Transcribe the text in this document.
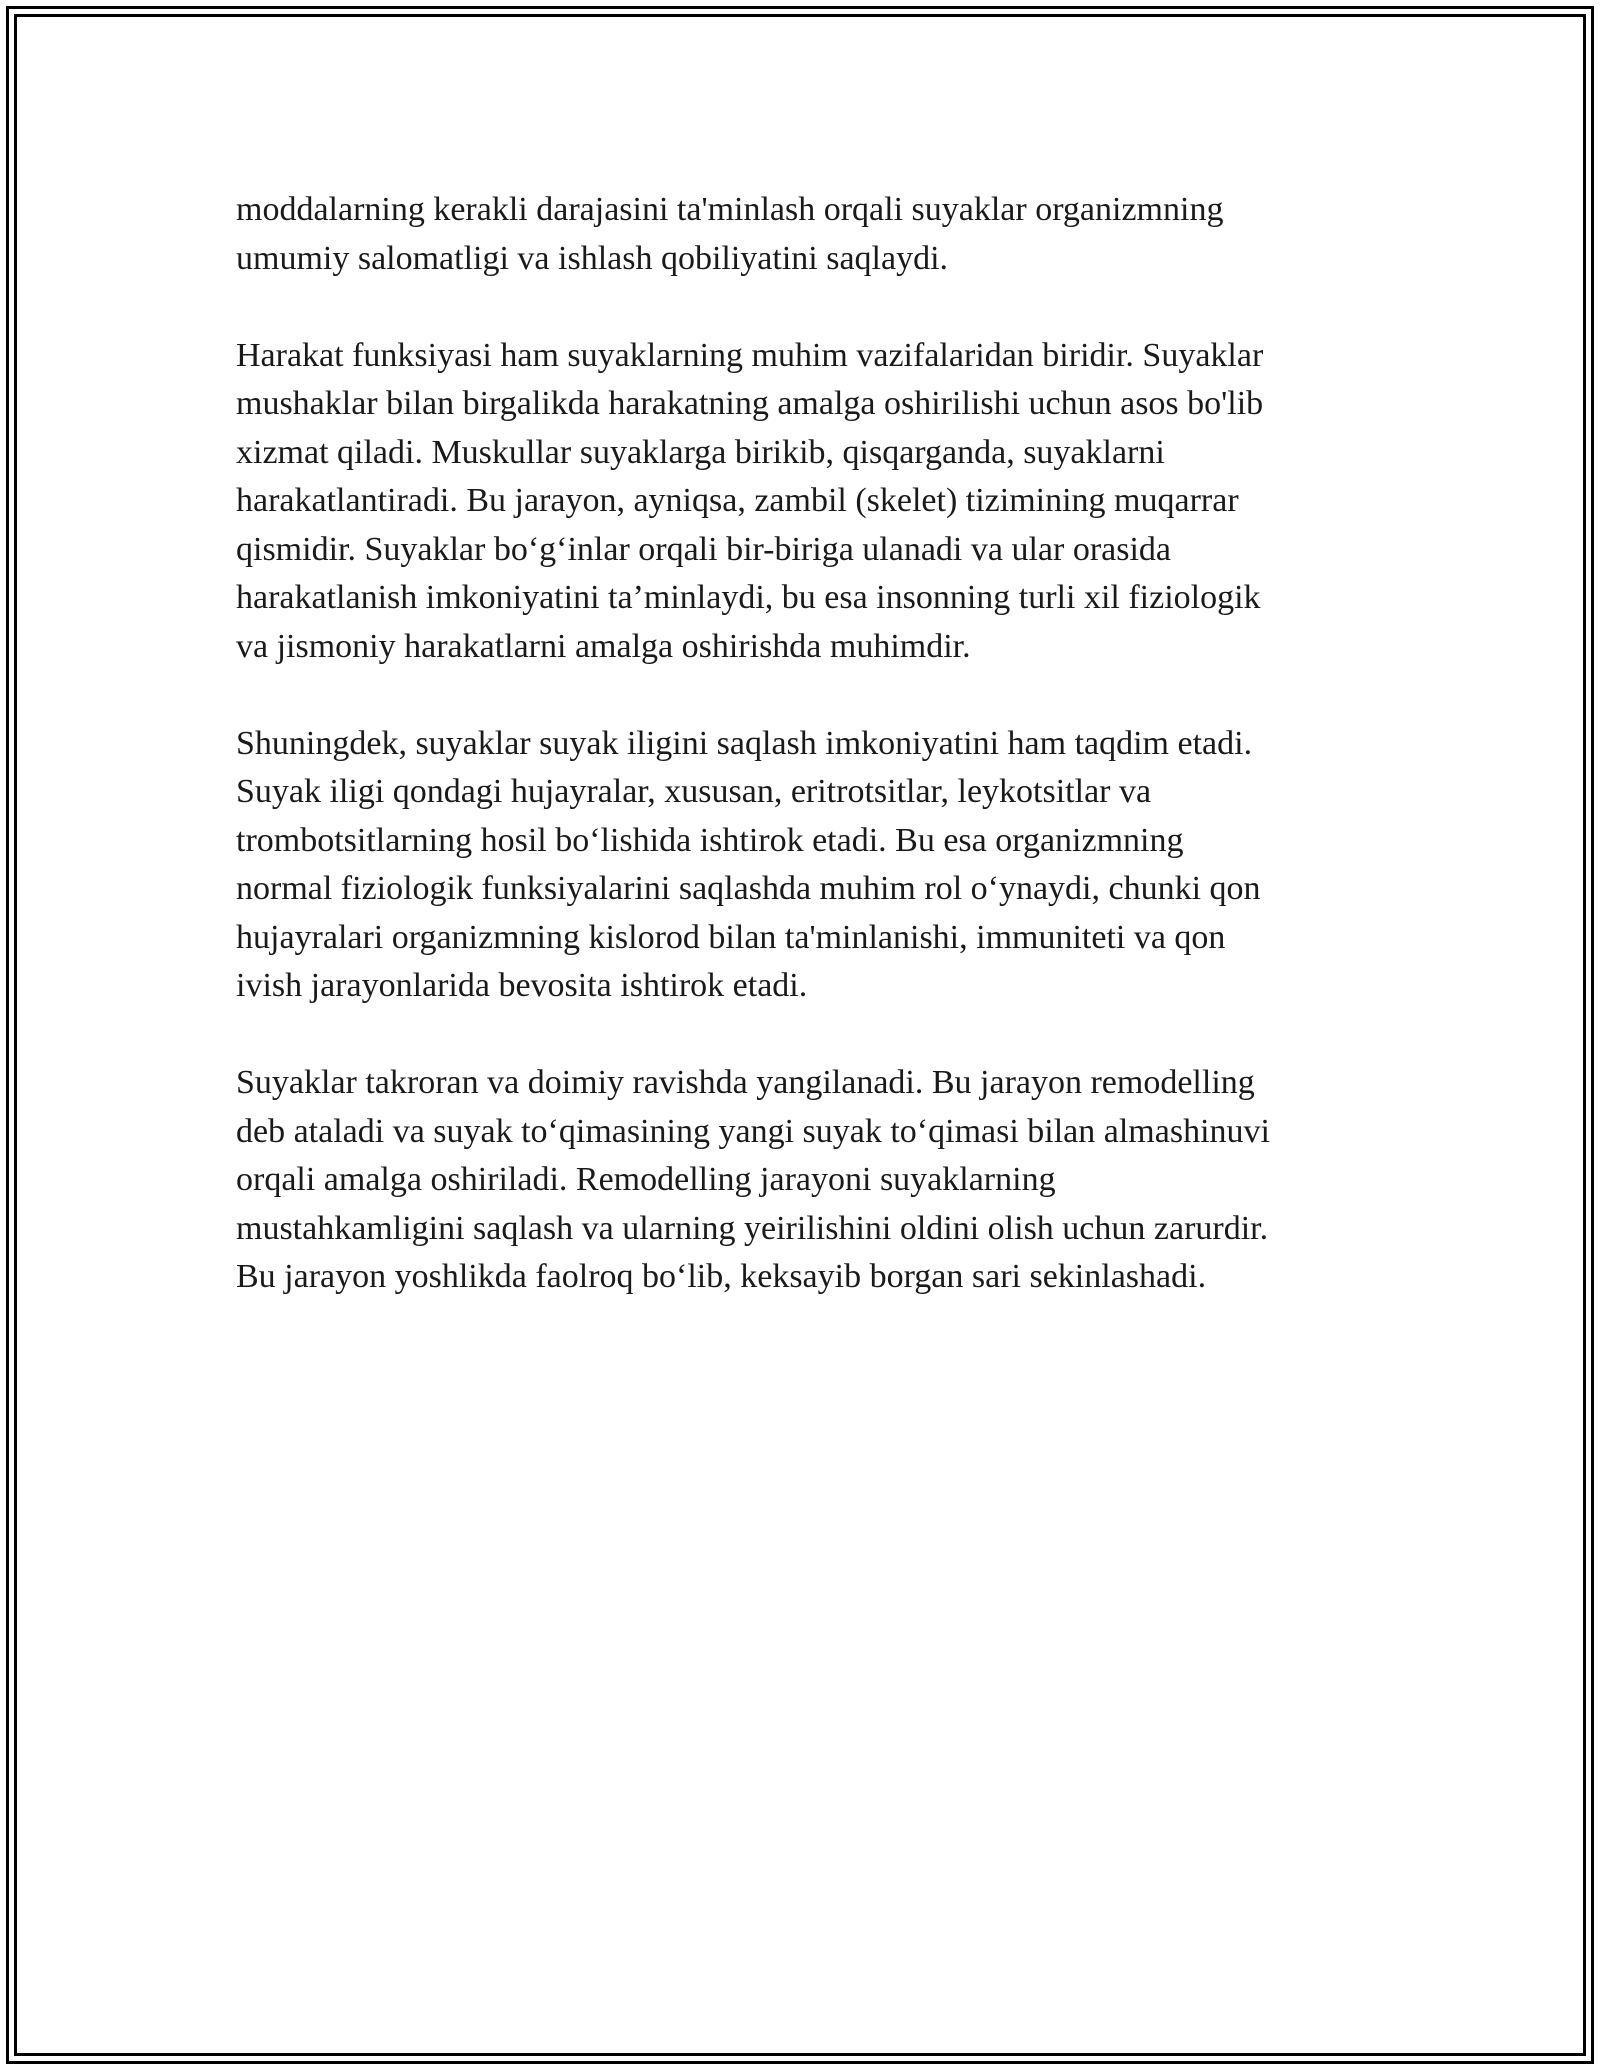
moddalarning kerakli darajasini ta'minlash orqali suyaklar organizmning
umumiy salomatligi va ishlash qobiliyatini saqlaydi.

Harakat funksiyasi ham suyaklarning muhim vazifalaridan biridir. Suyaklar
mushaklar bilan birgalikda harakatning amalga oshirilishi uchun asos bo'lib
xizmat qiladi. Muskullar suyaklarga birikib, qisqarganda, suyaklarni
harakatlantiradi. Bu jarayon, ayniqsa, zambil (skelet) tizimining muqarrar
qismidir. Suyaklar bo‘g‘inlar orqali bir-biriga ulanadi va ular orasida
harakatlanish imkoniyatini ta’minlaydi, bu esa insonning turli xil fiziologik
va jismoniy harakatlarni amalga oshirishda muhimdir.

Shuningdek, suyaklar suyak iligini saqlash imkoniyatini ham taqdim etadi.
Suyak iligi qondagi hujayralar, xususan, eritrotsitlar, leykotsitlar va
trombotsitlarning hosil bo‘lishida ishtirok etadi. Bu esa organizmning
normal fiziologik funksiyalarini saqlashda muhim rol o‘ynaydi, chunki qon
hujayralari organizmning kislorod bilan ta'minlanishi, immuniteti va qon
ivish jarayonlarida bevosita ishtirok etadi.

Suyaklar takroran va doimiy ravishda yangilanadi. Bu jarayon remodelling
deb ataladi va suyak to‘qimasining yangi suyak to‘qimasi bilan almashinuvi
orqali amalga oshiriladi. Remodelling jarayoni suyaklarning
mustahkamligini saqlash va ularning yeirilishini oldini olish uchun zarurdir.
Bu jarayon yoshlikda faolroq bo‘lib, keksayib borgan sari sekinlashadi.
